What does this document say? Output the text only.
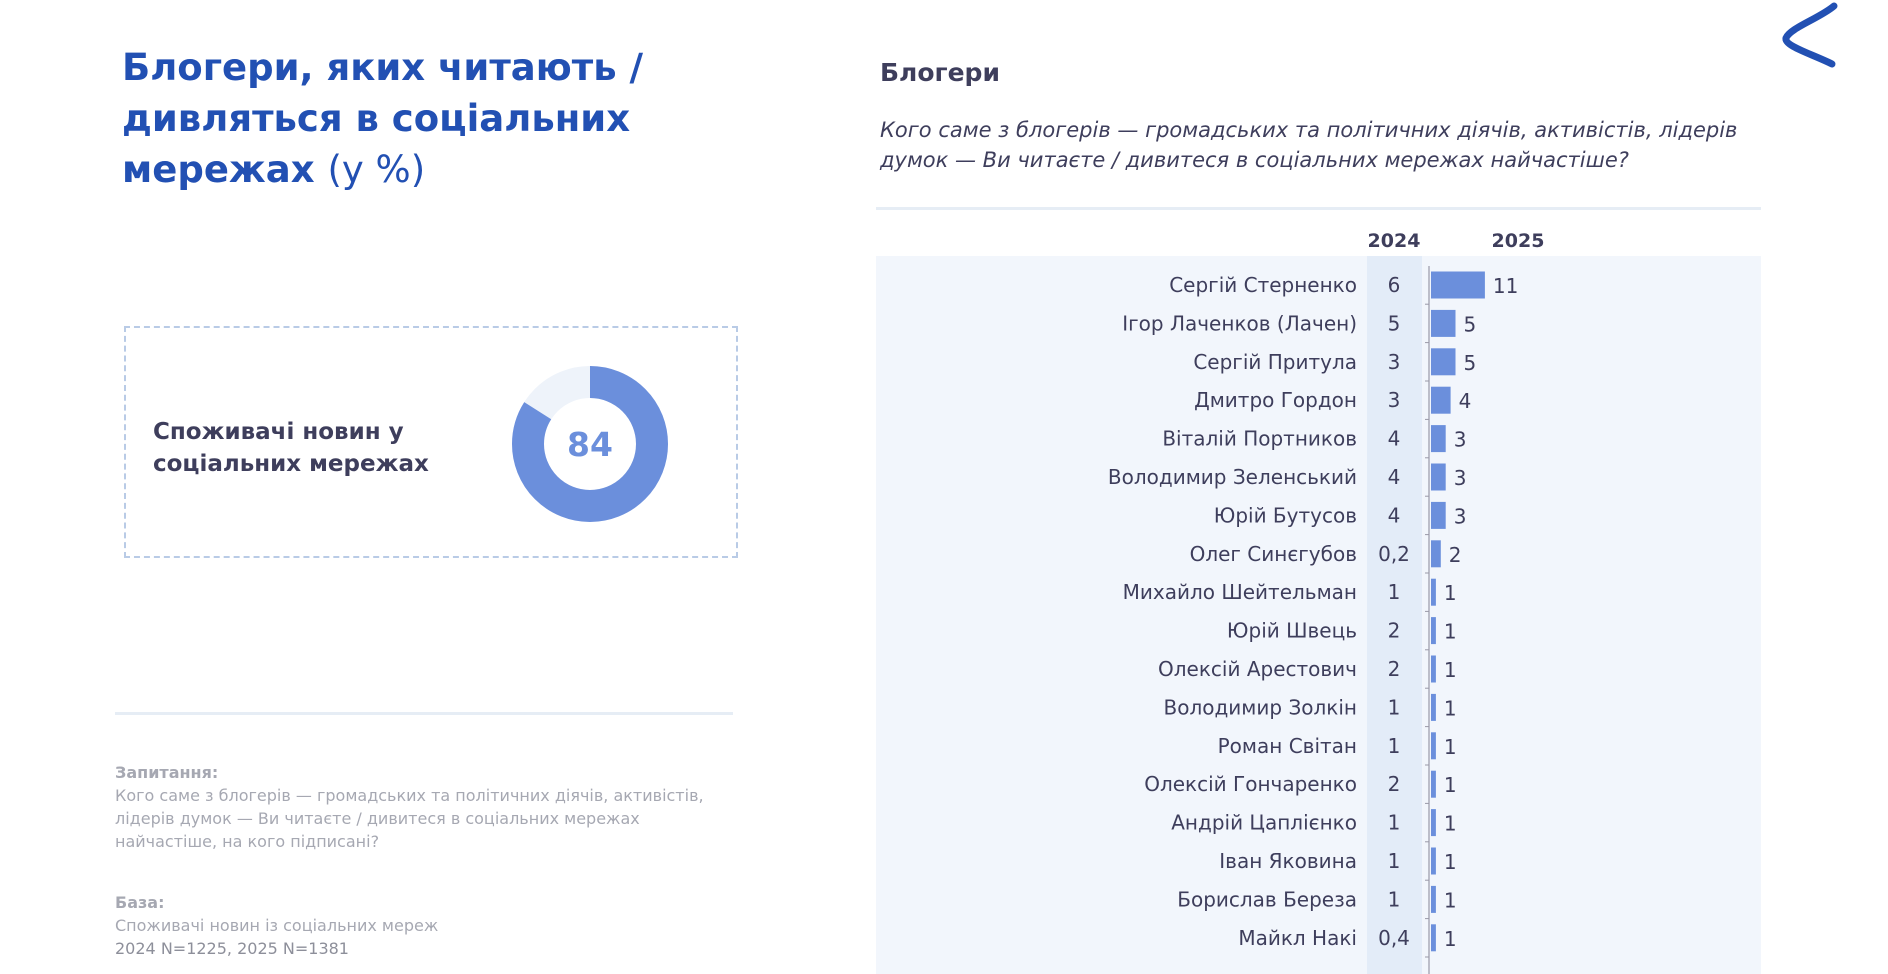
Блогери, яких читають / дивляться в соціальних мережах (у %)
Споживачі новин у соціальних мережах	84
Запитання:
Кого саме з блогерів — громадських та політичних діячів, активістів, лідерів думок — Ви читаєте / дивитеся в соціальних мережах найчастіше, на кого підписані?
База:
Споживачі новин із соціальних мереж
2024 N=1225, 2025 N=1381
Блогери
Кого саме з блогерів — громадських та політичних діячів, активістів, лідерів думок — Ви читаєте / дивитеся в соціальних мережах найчастіше?
2024	2025
Сергій Стерненко 6	11
Ігор Лаченков (Лачен) 5	5
Сергій Притула 3	5
Дмитро Гордон 3	4
Віталій Портников 4	3
Володимир Зеленський 4	3
Юрій Бутусов 4	3
Олег Синєгубов 0,2 2
Михайло Шейтельман 1 1
Юрій Швець 2 1
Олексій Арестович 2 1
Володимир Золкін 1 1
Роман Світан 1 1
Олексій Гончаренко 2 1
Андрій Цаплієнко 1 1
Іван Яковина 1 1
Борислав Береза 1 1
Майкл Накі 0,4 1
